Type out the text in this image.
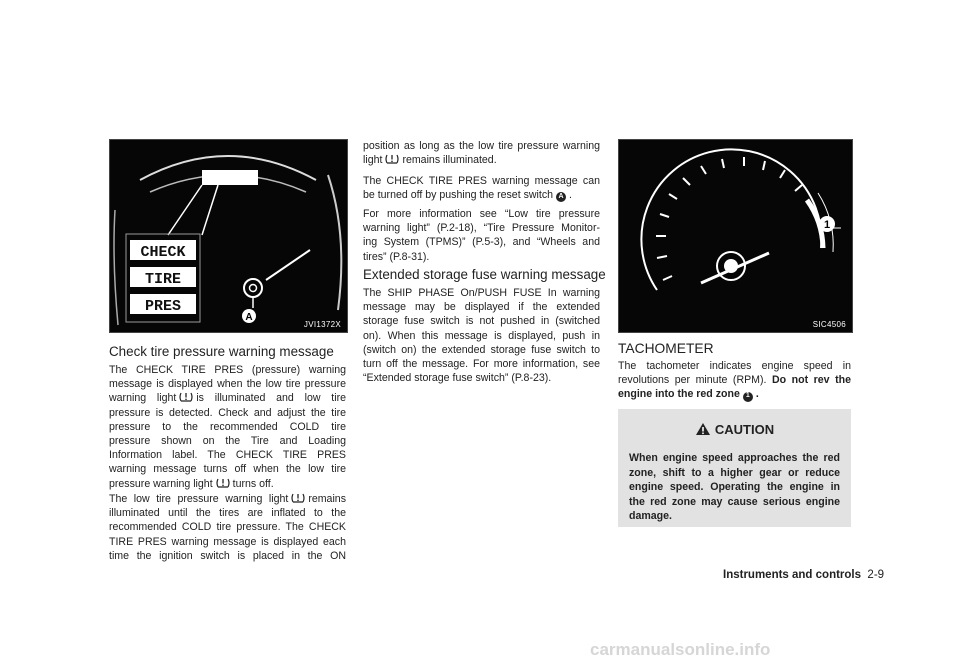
CHECK
TIRE
PRES
A
JVI1372X
Check tire pressure warning message
The CHECK TIRE PRES (pressure) warning
message is displayed when the low tire pressure
warning light is illuminated and low tire
pressure is detected. Check and adjust the tire
pressure to the recommended COLD tire
pressure shown on the Tire and Loading
Information label. The CHECK TIRE PRES
warning message turns off when the low tire
pressure warning light turns off.
The low tire pressure warning light remains
illuminated until the tires are inflated to the
recommended COLD tire pressure. The CHECK
TIRE PRES warning message is displayed each
time the ignition switch is placed in the ON
position as long as the low tire pressure warning
light remains illuminated.
The CHECK TIRE PRES warning message can
be turned off by pushing the reset switch A .
For more information see “Low tire pressure
warning light” (P.2-18), “Tire Pressure Monitor-
ing System (TPMS)” (P.5-3), and “Wheels and
tires” (P.8-31).
Extended storage fuse warning message
The SHIP PHASE On/PUSH FUSE In warning
message may be displayed if the extended
storage fuse switch is not pushed in (switched
on). When this message is displayed, push in
(switch on) the extended storage fuse switch to
turn off the message. For more information, see
“Extended storage fuse switch” (P.8-23).
1
SIC4506
TACHOMETER
The tachometer indicates engine speed in
revolutions per minute (RPM). Do not rev the
engine into the red zone 1 .
CAUTION
When engine speed approaches the red
zone, shift to a higher gear or reduce
engine speed. Operating the engine in
the red zone may cause serious engine
damage.
Instruments and controls 2-9
carmanualsonline.info
